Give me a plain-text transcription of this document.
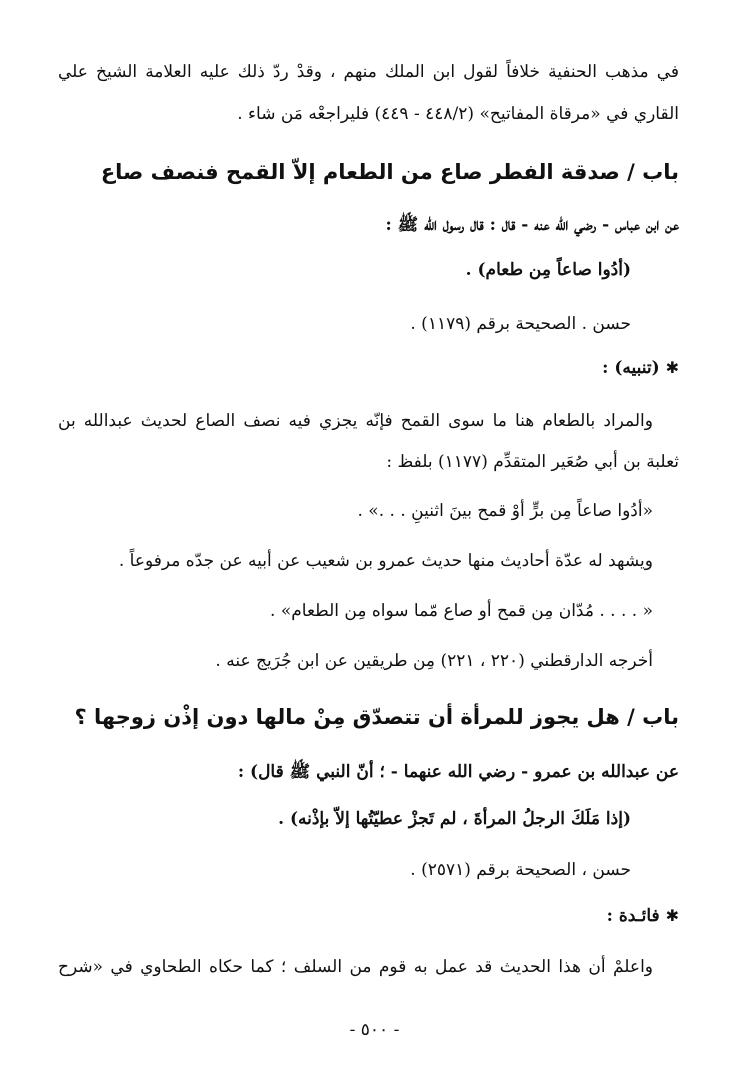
في مذهب الحنفية خلافاً لقول ابن الملك منهم ، وقدْ ردّ ذلك عليه العلامة الشيخ علي
القاري في «مرقاة المفاتيح» (٤٤٨/٢ - ٤٤٩) فليراجعْه مَن شاء .
باب / صدقة الفطر صاع من الطعام إلاّ القمح فنصف صاع
عن ابن عباس - رضي الله عنه - قال : قال رسول الله ﷺ :
(أدُوا صاعاً مِن طعام) .
حسن . الصحيحة برقم (١١٧٩) .
✱ (تنبيه) :
والمراد بالطعام هنا ما سوى القمح فإنّه يجزي فيه نصف الصاع لحديث عبدالله بن
ثعلبة بن أبي صُعَير المتقدِّم (١١٧٧) بلفظ :
«أدُوا صاعاً مِن برٍّ أوْ قمح بينَ اثنينِ . . .» .
ويشهد له عدّة أحاديث منها حديث عمرو بن شعيب عن أبيه عن جدّه مرفوعاً .
« . . . . مُدّان مِن قمح أو صاع مّما سواه مِن الطعام» .
أخرجه الدارقطني (٢٢٠ ، ٢٢١) مِن طريقين عن ابن جُرَيج عنه .
باب / هل يجوز للمرأة أن تتصدّق مِنْ مالها دون إذْن زوجها ؟
عن عبدالله بن عمرو - رضي الله عنهما - ؛ أنّ النبي ﷺ قال) :
(إذا مَلَكَ الرجلُ المرأةَ ، لم تَجزْ عطيّتُها إلاّ بإذْنه) .
حسن ، الصحيحة برقم (٢٥٧١) .
✱ فائـدة :
واعلمْ أن هذا الحديث قد عمل به قوم من السلف ؛ كما حكاه الطحاوي في «شرح
- ٥٠٠ -
